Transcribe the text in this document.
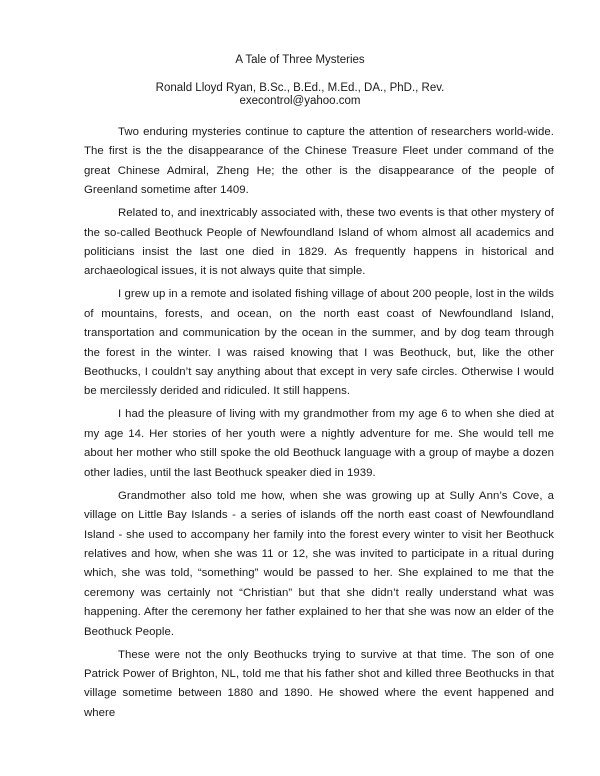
A Tale of Three Mysteries
Ronald Lloyd Ryan, B.Sc., B.Ed., M.Ed., DA., PhD., Rev.
execontrol@yahoo.com

Two enduring mysteries continue to capture the attention of researchers world-wide. The first is the the disappearance of the Chinese Treasure Fleet under command of the great Chinese Admiral, Zheng He; the other is the disappearance of the people of Greenland sometime after 1409.

Related to, and inextricably associated with, these two events is that other mystery of the so-called Beothuck People of Newfoundland Island of whom almost all academics and politicians insist the last one died in 1829. As frequently happens in historical and archaeological issues, it is not always quite that simple.

I grew up in a remote and isolated fishing village of about 200 people, lost in the wilds of mountains, forests, and ocean, on the north east coast of Newfoundland Island, transportation and communication by the ocean in the summer, and by dog team through the forest in the winter. I was raised knowing that I was Beothuck, but, like the other Beothucks, I couldn’t say anything about that except in very safe circles. Otherwise I would be mercilessly derided and ridiculed. It still happens.

I had the pleasure of living with my grandmother from my age 6 to when she died at my age 14. Her stories of her youth were a nightly adventure for me. She would tell me about her mother who still spoke the old Beothuck language with a group of maybe a dozen other ladies, until the last Beothuck speaker died in 1939.

Grandmother also told me how, when she was growing up at Sully Ann’s Cove, a village on Little Bay Islands - a series of islands off the north east coast of Newfoundland Island - she used to accompany her family into the forest every winter to visit her Beothuck relatives and how, when she was 11 or 12, she was invited to participate in a ritual during which, she was told, “something” would be passed to her. She explained to me that the ceremony was certainly not “Christian” but that she didn’t really understand what was happening. After the ceremony her father explained to her that she was now an elder of the Beothuck People.

These were not the only Beothucks trying to survive at that time. The son of one Patrick Power of Brighton, NL, told me that his father shot and killed three Beothucks in that village sometime between 1880 and 1890. He showed where the event happened and where
